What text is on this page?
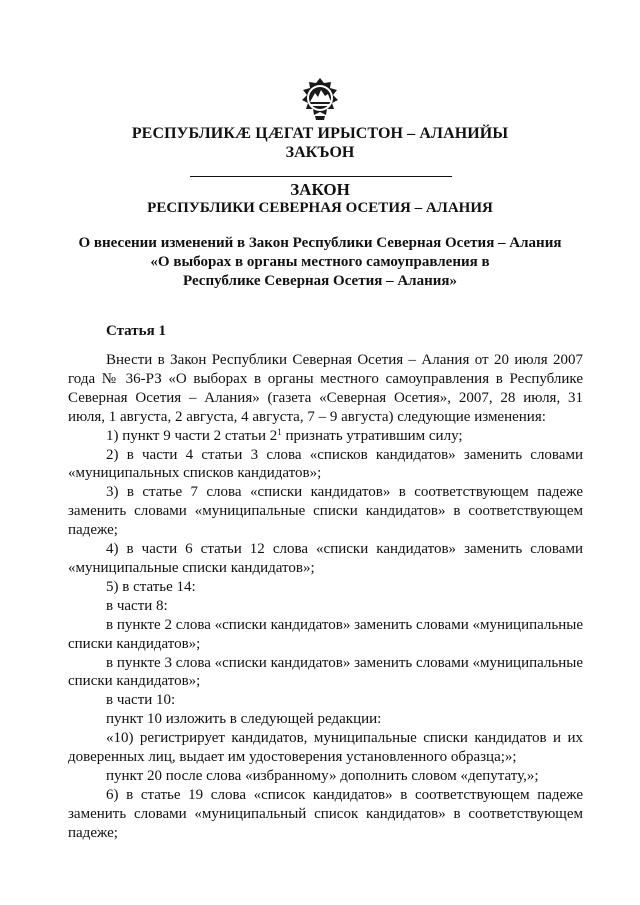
РЕСПУБЛИКӔ ЦӔГАТ ИРЫСТОН – АЛАНИЙЫ
ЗАКЪОН
ЗАКОН
РЕСПУБЛИКИ СЕВЕРНАЯ ОСЕТИЯ – АЛАНИЯ
О внесении изменений в Закон Республики Северная Осетия – Алания
«О выборах в органы местного самоуправления в
Республике Северная Осетия – Алания»
Статья 1

Внести в Закон Республики Северная Осетия – Алания от 20 июля 2007 года № 36-РЗ «О выборах в органы местного самоуправления в Республике Северная Осетия – Алания» (газета «Северная Осетия», 2007, 28 июля, 31 июля, 1 августа, 2 августа, 4 августа, 7 – 9 августа) следующие изменения:

1) пункт 9 части 2 статьи $2^1$ признать утратившим силу;

2) в части 4 статьи 3 слова «списков кандидатов» заменить словами «муниципальных списков кандидатов»;

3) в статье 7 слова «списки кандидатов» в соответствующем падеже заменить словами «муниципальные списки кандидатов» в соответствующем падеже;

4) в части 6 статьи 12 слова «списки кандидатов» заменить словами «муниципальные списки кандидатов»;

5) в статье 14:

в части 8:

в пункте 2 слова «списки кандидатов» заменить словами «муниципальные списки кандидатов»;

в пункте 3 слова «списки кандидатов» заменить словами «муниципальные списки кандидатов»;

в части 10:

пункт 10 изложить в следующей редакции:

«10) регистрирует кандидатов, муниципальные списки кандидатов и их доверенных лиц, выдает им удостоверения установленного образца;»;

пункт 20 после слова «избранному» дополнить словом «депутату,»;

6) в статье 19 слова «список кандидатов» в соответствующем падеже заменить словами «муниципальный список кандидатов» в соответствующем падеже;
